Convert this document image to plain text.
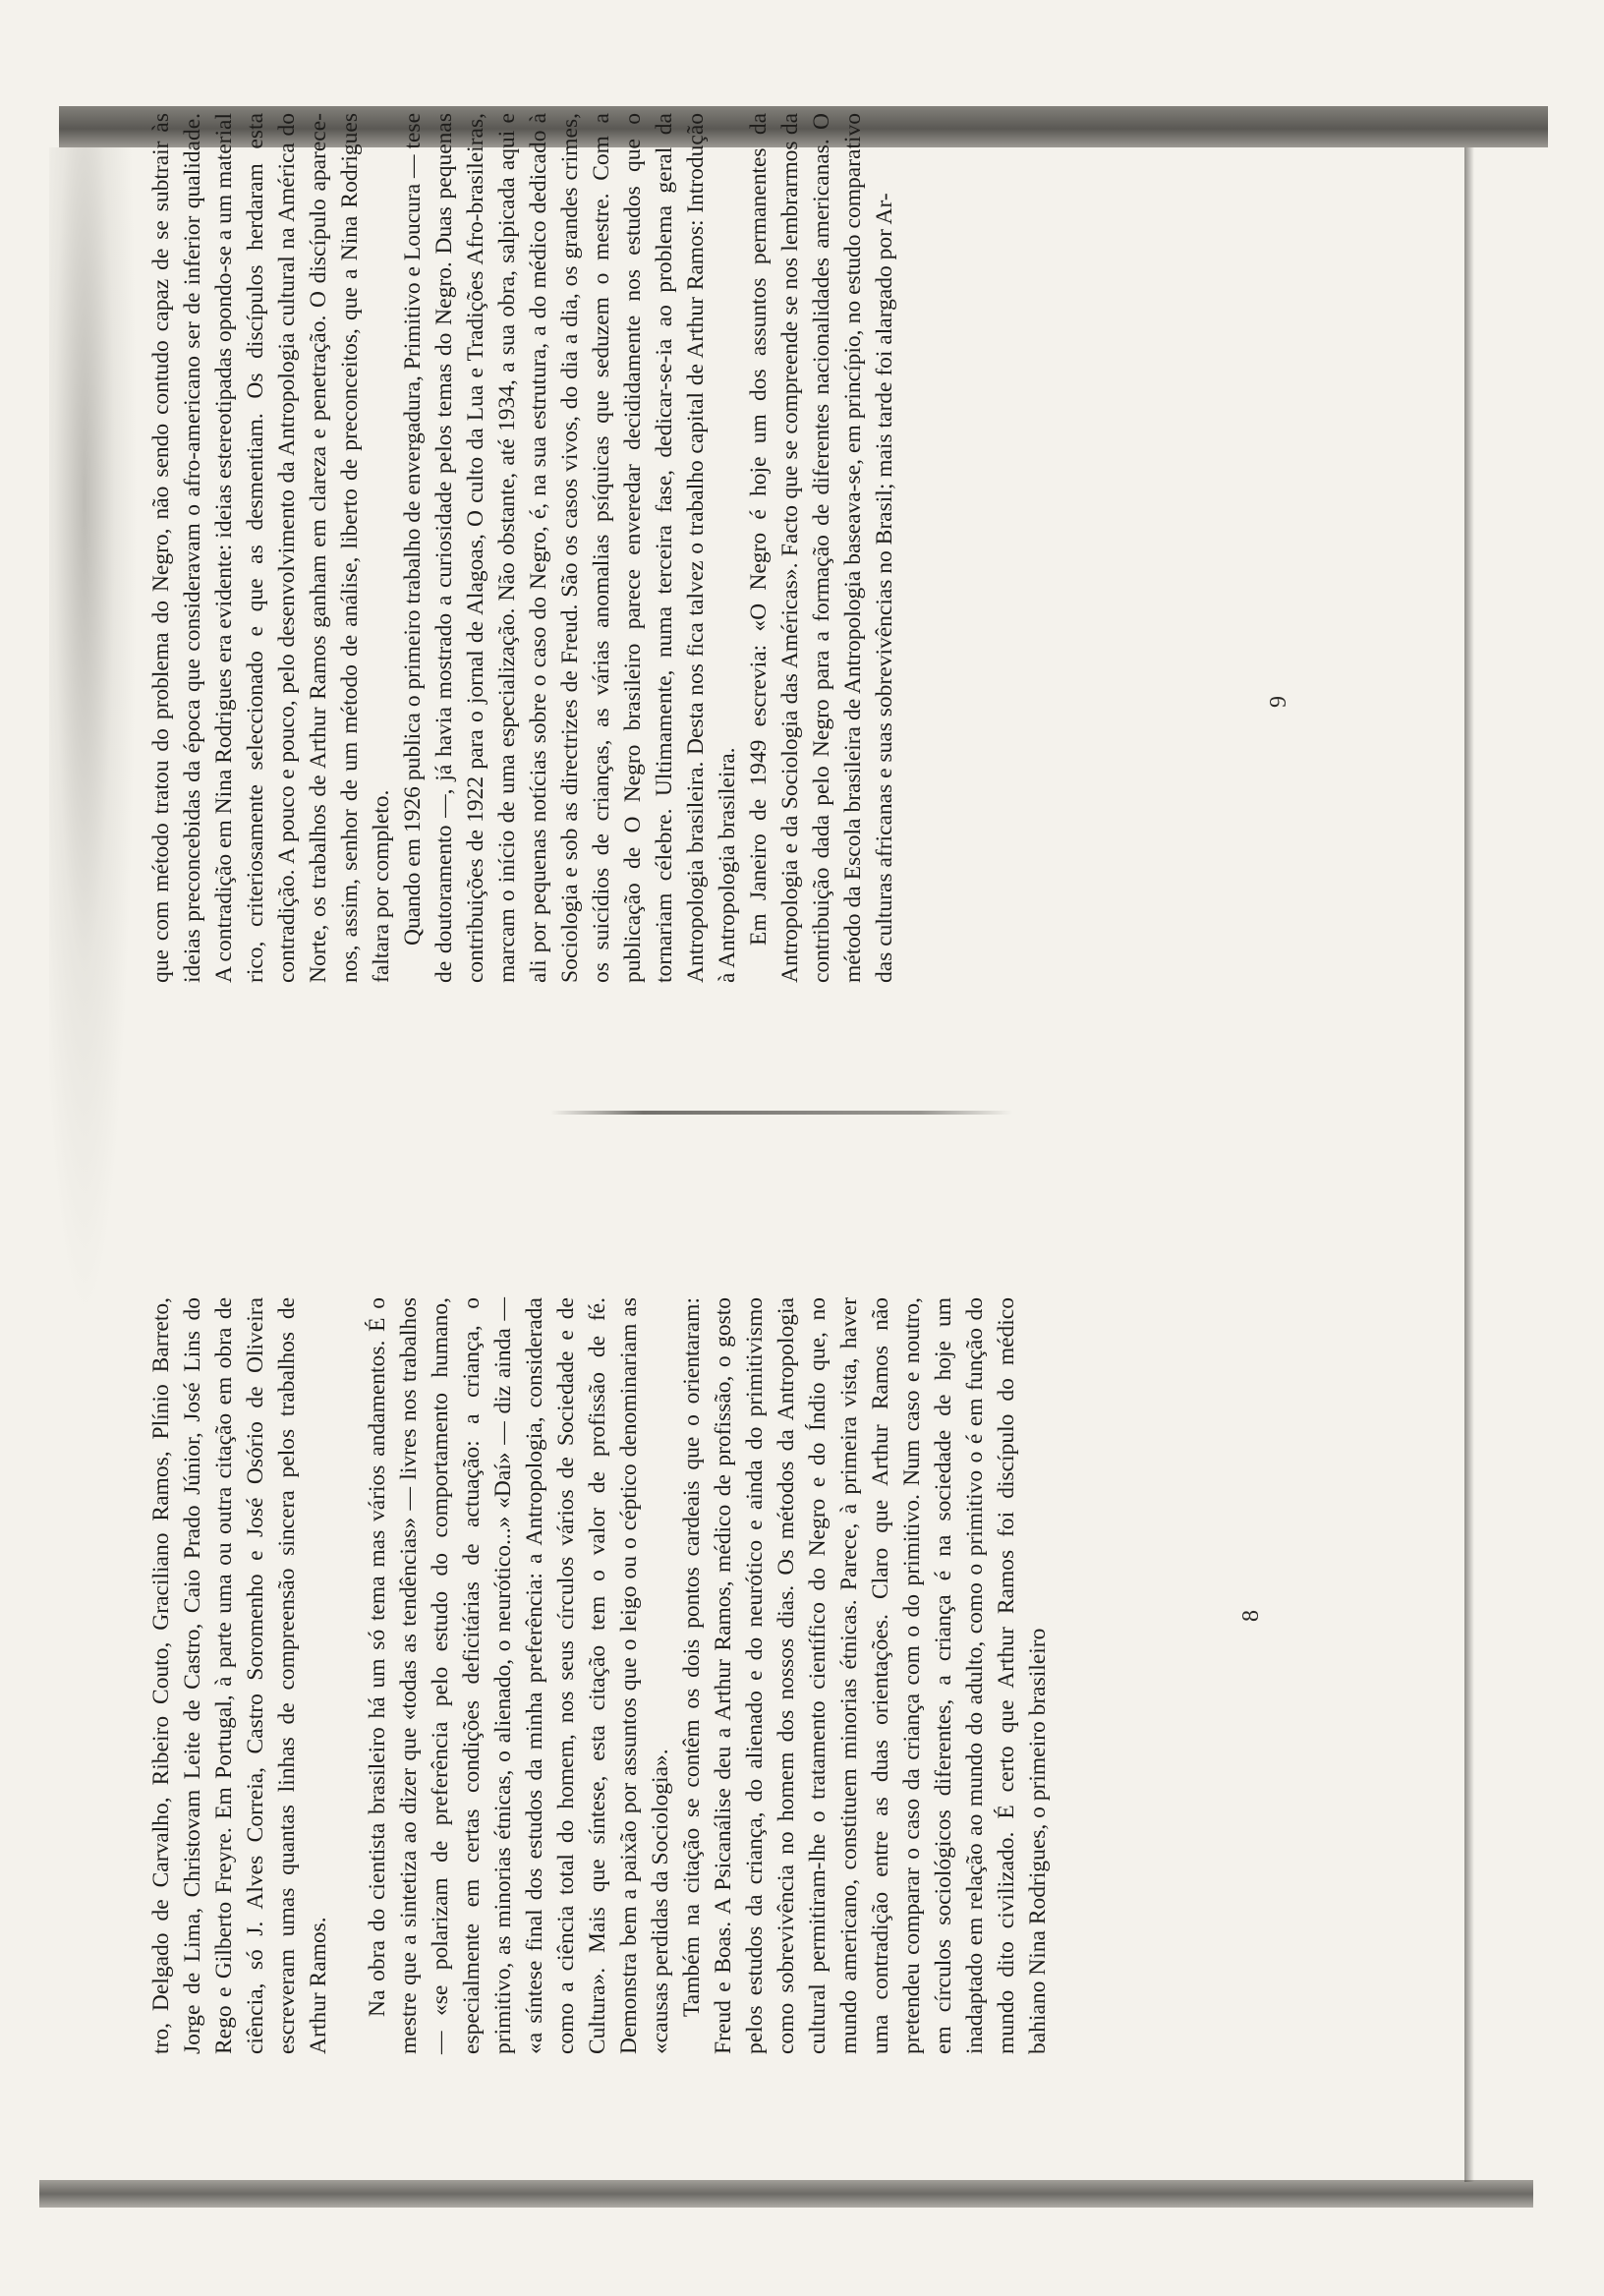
tro, Delgado de Carvalho, Ribeiro Couto, Graciliano Ramos, Plínio Barreto, Jorge de Lima, Christovam Leite de Castro, Caio Prado Júnior, José Lins do Rego e Gilberto Freyre. Em Portugal, à parte uma ou outra citação em obra de ciência, só J. Alves Correia, Castro Soromenho e José Osório de Oliveira escreveram umas quantas linhas de compreensão sincera pelos trabalhos de Arthur Ramos. Na obra do cientista brasileiro há um só tema mas vários andamentos. É o mestre que a sintetiza ao dizer que «todas as tendências» — livres nos trabalhos — «se polarizam de preferência pelo estudo do comportamento humano, especialmente em certas condições deficitárias de actuação: a criança, o primitivo, as minorias étnicas, o alienado, o neurótico...» «Daí» — diz ainda — «a síntese final dos estudos da minha preferência: a Antropologia, considerada como a ciência total do homem, nos seus círculos vários de Sociedade e de Cultura». Mais que síntese, esta citação tem o valor de profissão de fé. Demonstra bem a paixão por assuntos que o leigo ou o céptico denominariam as «causas perdidas da Sociologia». Também na citação se contêm os dois pontos cardeais que o orientaram: Freud e Boas. A Psicanálise deu a Arthur Ramos, médico de profissão, o gosto pelos estudos da criança, do alienado e do neurótico e ainda do primitivismo como sobrevivência no homem dos nossos dias. Os métodos da Antropologia cultural permitiram-lhe o tratamento científico do Negro e do Índio que, no mundo americano, constituem minorias étnicas. Parece, à primeira vista, haver uma contradição entre as duas orientações. Claro que Arthur Ramos não pretendeu comparar o caso da criança com o do primitivo. Num caso e noutro, em círculos sociológicos diferentes, a criança é na sociedade de hoje um inadaptado em relação ao mundo do adulto, como o primitivo o é em função do mundo dito civilizado. É certo que Arthur Ramos foi discípulo do médico bahiano Nina Rodrigues, o primeiro brasileiro

8

que com método tratou do problema do Negro, não sendo contudo capaz de se subtrair às ideias preconcebidas da época que consideravam o afro-americano ser de inferior qualidade. A contradição em Nina Rodrigues era evidente: ideias estereotipadas opondo-se a um material rico, criteriosamente seleccionado e que as desmentiam. Os discípulos herdaram esta contradição. A pouco e pouco, pelo desenvolvimento da Antropologia cultural na América do Norte, os trabalhos de Arthur Ramos ganham em clareza e penetração. O discípulo aparece-nos, assim, senhor de um método de análise, liberto de preconceitos, que a Nina Rodrigues faltara por completo. Quando em 1926 publica o primeiro trabalho de envergadura, Primitivo e Loucura — tese de doutoramento —, já havia mostrado a curiosidade pelos temas do Negro. Duas pequenas contribuições de 1922 para o jornal de Alagoas, O culto da Lua e Tradições Afro-brasileiras, marcam o início de uma especialização. Não obstante, até 1934, a sua obra, salpicada aqui e ali por pequenas notícias sobre o caso do Negro, é, na sua estrutura, a do médico dedicado à Sociologia e sob as directrizes de Freud. São os casos vivos, do dia a dia, os grandes crimes, os suicídios de crianças, as várias anomalias psíquicas que seduzem o mestre. Com a publicação de O Negro brasileiro parece enveredar decididamente nos estudos que o tornariam célebre. Ultimamente, numa terceira fase, dedicar-se-ia ao problema geral da Antropologia brasileira. Desta nos fica talvez o trabalho capital de Arthur Ramos: Introdução à Antropologia brasileira. Em Janeiro de 1949 escrevia: «O Negro é hoje um dos assuntos permanentes da Antropologia e da Sociologia das Américas». Facto que se compreende se nos lembrarmos da contribuição dada pelo Negro para a formação de diferentes nacionalidades americanas. O método da Escola brasileira de Antropologia baseava-se, em princípio, no estudo comparativo das culturas africanas e suas sobrevivências no Brasil; mais tarde foi alargado por Ar-	9
